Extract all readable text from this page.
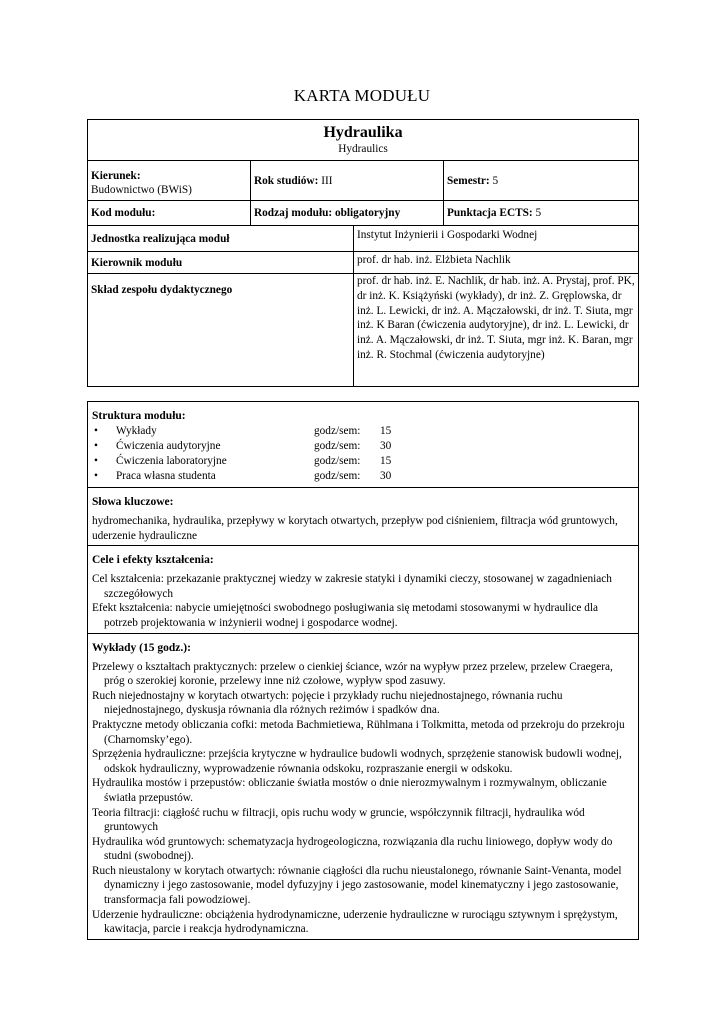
KARTA MODUŁU
Hydraulika
Hydraulics			

Kierunek:
Budownictwo (BWiS)	Rok studiów: III		Semestr: 5
Kod modułu:	Rodzaj modułu: obligatoryjny		Punktacja ECTS: 5
Jednostka realizująca moduł		Instytut Inżynierii i Gospodarki Wodnej	
Kierownik modułu		prof. dr hab. inż. Elżbieta Nachlik	
Skład zespołu dydaktycznego		prof. dr hab. inż. E. Nachlik, dr hab. inż. A. Prystaj, prof. PK, dr inż. K. Książyński (wykłady), dr inż. Z. Gręplowska, dr inż. L. Lewicki, dr inż. A. Mączałowski, dr inż. T. Siuta, mgr inż. K Baran (ćwiczenia audytoryjne), dr inż. L. Lewicki, dr inż. A. Mączałowski, dr inż. T. Siuta, mgr inż. K. Baran, mgr inż. R. Stochmal (ćwiczenia audytoryjne)	
Struktura modułu:
•	Wykłady	godz/sem:	15
•	Ćwiczenia audytoryjne	godz/sem:	30
•	Ćwiczenia laboratoryjne	godz/sem:	15
•	Praca własna studenta	godz/sem:	30

Słowa kluczowe:
hydromechanika, hydraulika, przepływy w korytach otwartych, przepływ pod ciśnieniem, filtracja wód gruntowych, uderzenie hydrauliczne

Cele i efekty kształcenia:
Cel kształcenia: przekazanie praktycznej wiedzy w zakresie statyki i dynamiki cieczy, stosowanej w zagadnieniach szczegółowych
Efekt kształcenia: nabycie umiejętności swobodnego posługiwania się metodami stosowanymi w hydraulice dla potrzeb projektowania w inżynierii wodnej i gospodarce wodnej.

Wykłady (15 godz.):
Przelewy o kształtach praktycznych: przelew o cienkiej ściance, wzór na wypływ przez przelew, przelew Craegera, próg o szerokiej koronie, przelewy inne niż czołowe, wypływ spod zasuwy.
Ruch niejednostajny w korytach otwartych: pojęcie i przykłady ruchu niejednostajnego, równania ruchu niejednostajnego, dyskusja równania dla różnych reżimów i spadków dna.
Praktyczne metody obliczania cofki: metoda Bachmietiewa, Rühlmana i Tolkmitta, metoda od przekroju do przekroju (Charnomsky’ego).
Sprzężenia hydrauliczne: przejścia krytyczne w hydraulice budowli wodnych, sprzężenie stanowisk budowli wodnej, odskok hydrauliczny, wyprowadzenie równania odskoku, rozpraszanie energii w odskoku.
Hydraulika mostów i przepustów: obliczanie światła mostów o dnie nierozmywalnym i rozmywalnym, obliczanie światła przepustów.
Teoria filtracji: ciągłość ruchu w filtracji, opis ruchu wody w gruncie, współczynnik filtracji, hydraulika wód gruntowych
Hydraulika wód gruntowych: schematyzacja hydrogeologiczna, rozwiązania dla ruchu liniowego, dopływ wody do studni (swobodnej).
Ruch nieustalony w korytach otwartych: równanie ciągłości dla ruchu nieustalonego, równanie Saint-Venanta, model dynamiczny i jego zastosowanie, model dyfuzyjny i jego zastosowanie, model kinematyczny i jego zastosowanie, transformacja fali powodziowej.
Uderzenie hydrauliczne: obciążenia hydrodynamiczne, uderzenie hydrauliczne w rurociągu sztywnym i sprężystym, kawitacja, parcie i reakcja hydrodynamiczna.
